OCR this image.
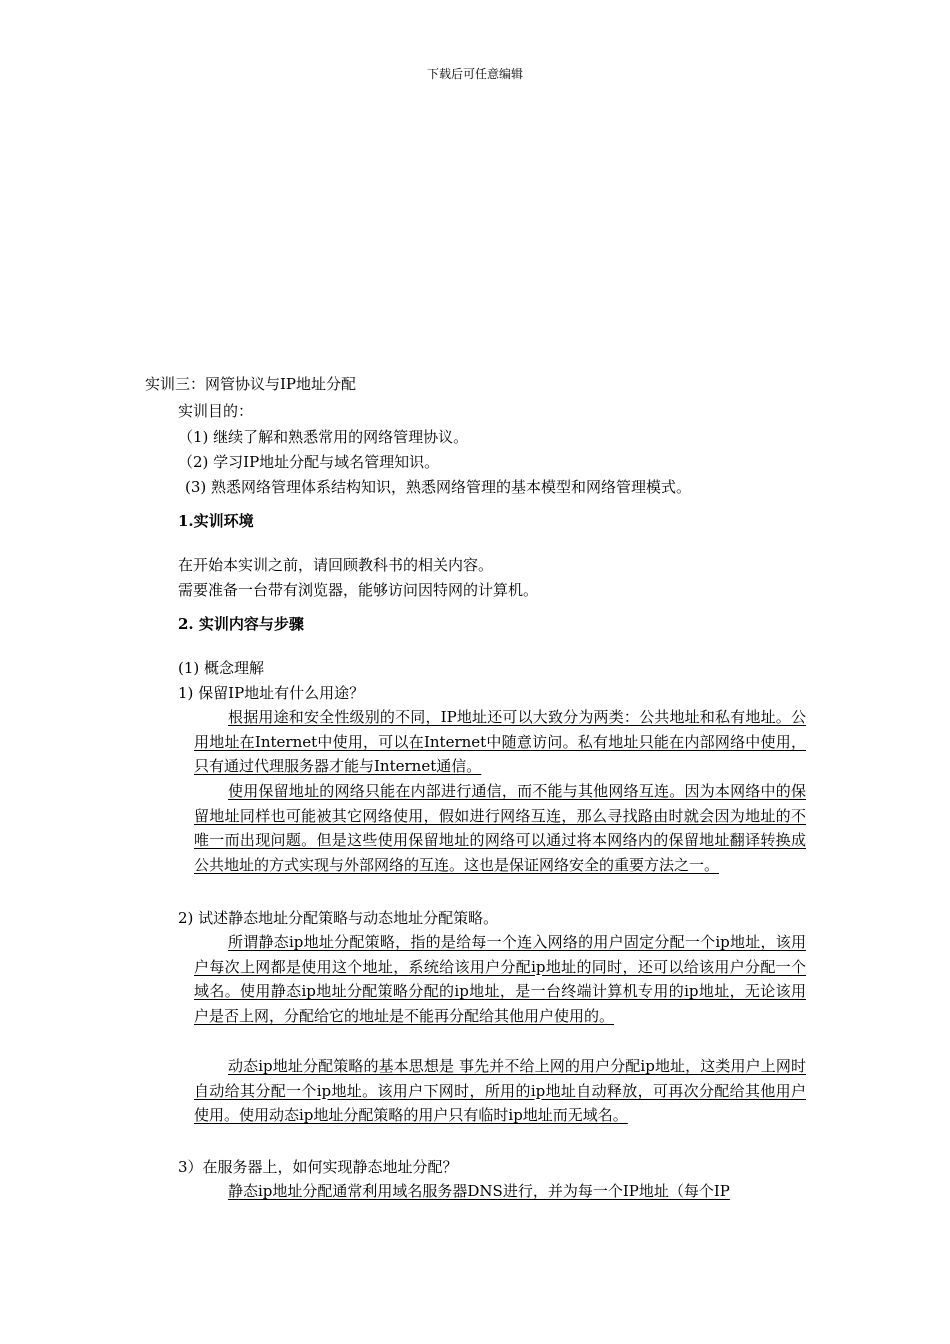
下载后可任意编辑
实训三：网管协议与IP地址分配
实训目的：
（1) 继续了解和熟悉常用的网络管理协议。
（2) 学习IP地址分配与域名管理知识。
(3) 熟悉网络管理体系结构知识，熟悉网络管理的基本模型和网络管理模式。
1.实训环境
在开始本实训之前，请回顾教科书的相关内容。
需要准备一台带有浏览器，能够访问因特网的计算机。
2. 实训内容与步骤
(1) 概念理解
1) 保留IP地址有什么用途？
根据用途和安全性级别的不同，IP地址还可以大致分为两类：公共地址和私有地址。公用地址在Internet中使用，可以在Internet中随意访问。私有地址只能在内部网络中使用，只有通过代理服务器才能与Internet通信。
使用保留地址的网络只能在内部进行通信，而不能与其他网络互连。因为本网络中的保留地址同样也可能被其它网络使用，假如进行网络互连，那么寻找路由时就会因为地址的不唯一而出现问题。但是这些使用保留地址的网络可以通过将本网络内的保留地址翻译转换成公共地址的方式实现与外部网络的互连。这也是保证网络安全的重要方法之一。
2) 试述静态地址分配策略与动态地址分配策略。
所谓静态ip地址分配策略，指的是给每一个连入网络的用户固定分配一个ip地址，该用户每次上网都是使用这个地址，系统给该用户分配ip地址的同时，还可以给该用户分配一个域名。使用静态ip地址分配策略分配的ip地址，是一台终端计算机专用的ip地址，无论该用户是否上网，分配给它的地址是不能再分配给其他用户使用的。
动态ip地址分配策略的基本思想是 事先并不给上网的用户分配ip地址，这类用户上网时自动给其分配一个ip地址。该用户下网时，所用的ip地址自动释放，可再次分配给其他用户使用。使用动态ip地址分配策略的用户只有临时ip地址而无域名。
3）在服务器上，如何实现静态地址分配？
静态ip地址分配通常利用域名服务器DNS进行，并为每一个IP地址（每个IP
